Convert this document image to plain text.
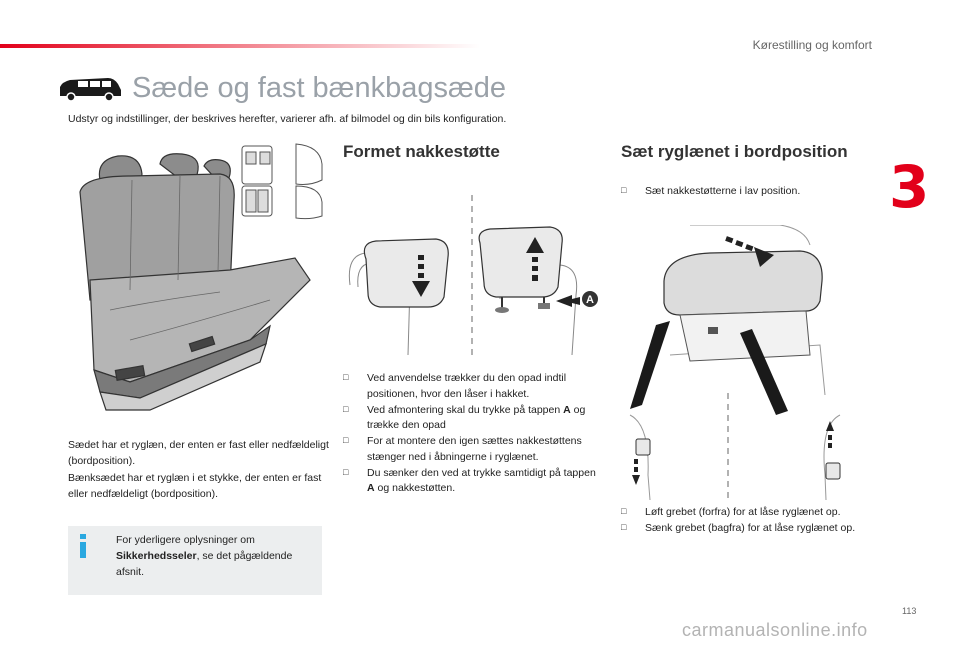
Kørestilling og komfort
3
Sæde og fast bænkbagsæde
Udstyr og indstillinger, der beskrives herefter, varierer afh. af bilmodel og din bils konfiguration.
Formet nakkestøtte	Sæt ryglænet i bordposition
A
Sædet har et ryglæn, der enten er fast eller nedfældeligt (bordposition).
Bænksædet har et ryglæn i et stykke, der enten er fast eller nedfældeligt (bordposition).
For yderligere oplysninger om Sikkerhedsseler, se det pågældende afsnit.
□ Ved anvendelse trækker du den opad indtil positionen, hvor den låser i hakket.
□ Ved afmontering skal du trykke på tappen A og trække den opad
□ For at montere den igen sættes nakkestøttens stænger ned i åbningerne i ryglænet.
□ Du sænker den ved at trykke samtidigt på tappen A og nakkestøtten.
□ Sæt nakkestøtterne i lav position.
□ Løft grebet (forfra) for at låse ryglænet op.
□ Sænk grebet (bagfra) for at låse ryglænet op.
113
carmanualsonline.info
